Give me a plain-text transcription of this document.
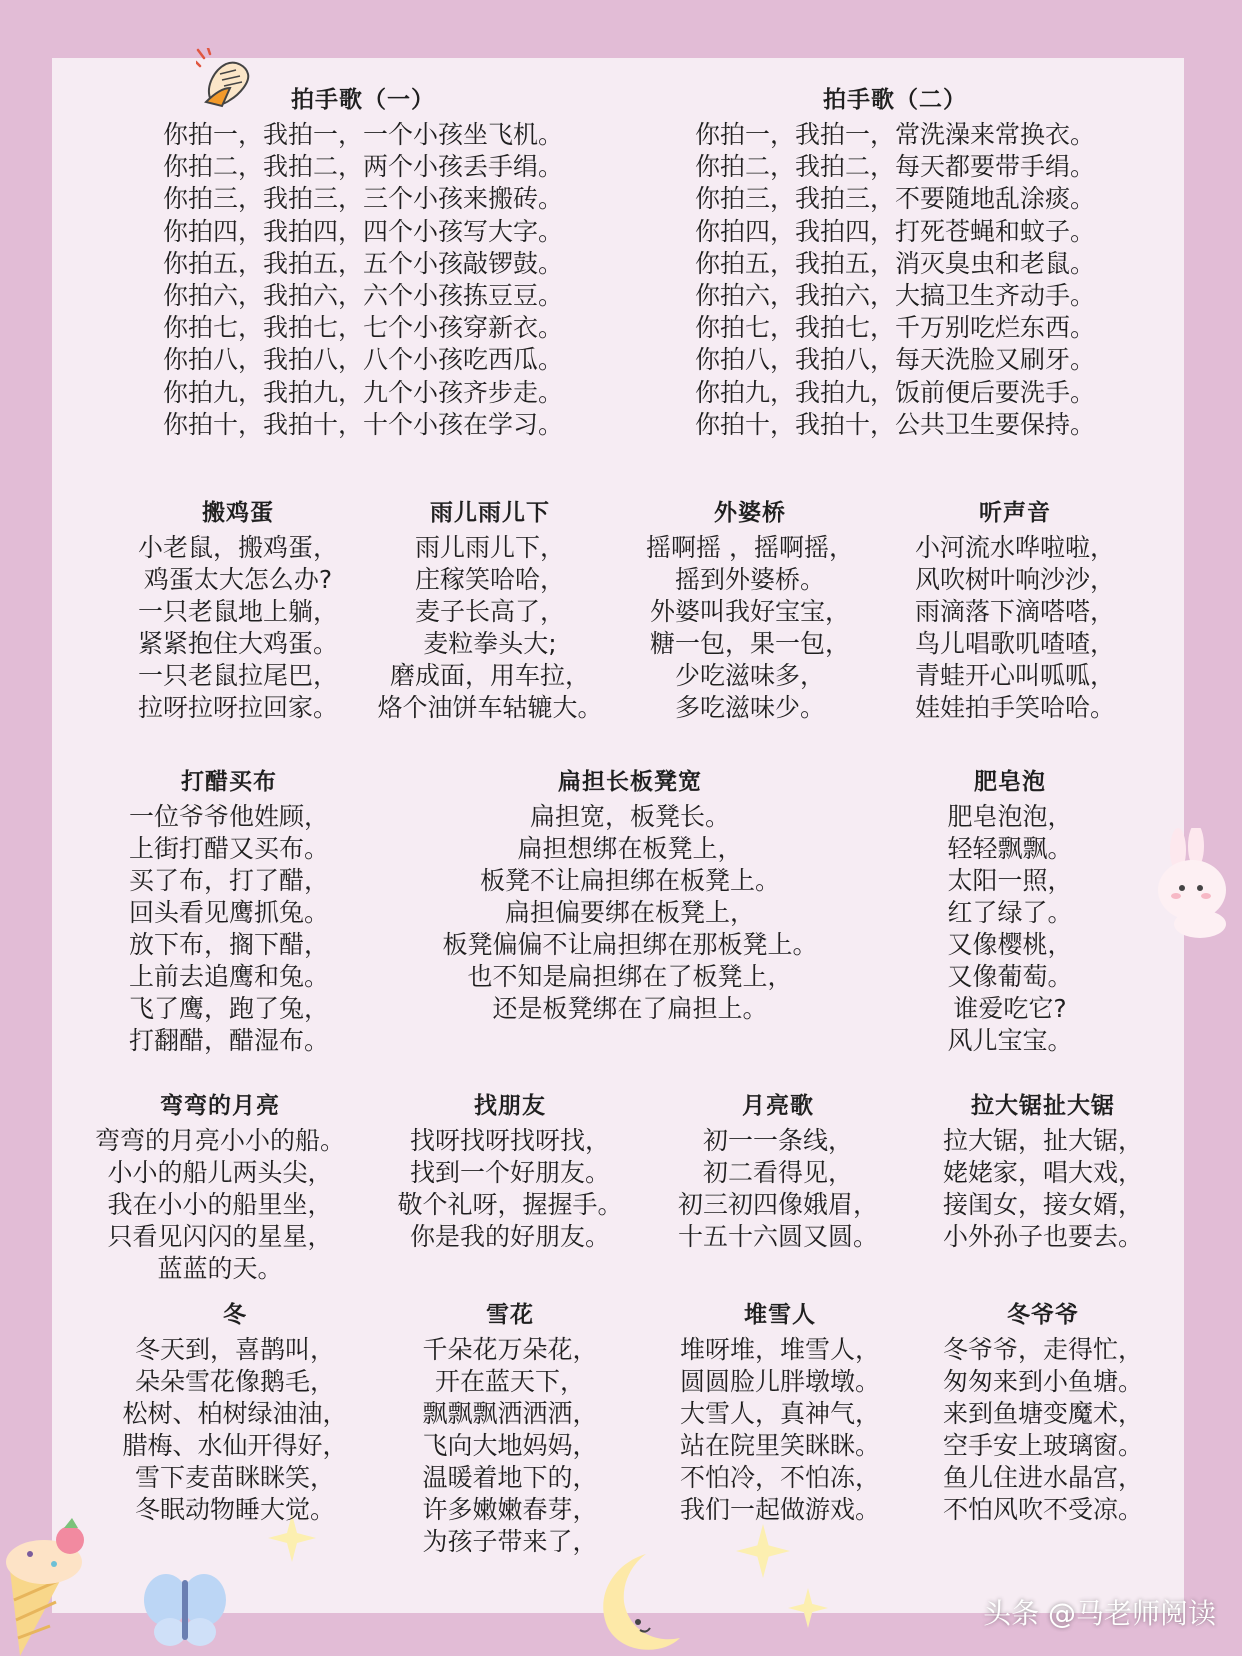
拍手歌（一）
你拍一，我拍一，一个小孩坐飞机。
你拍二，我拍二，两个小孩丢手绢。
你拍三，我拍三，三个小孩来搬砖。
你拍四，我拍四，四个小孩写大字。
你拍五，我拍五，五个小孩敲锣鼓。
你拍六，我拍六，六个小孩拣豆豆。
你拍七，我拍七，七个小孩穿新衣。
你拍八，我拍八，八个小孩吃西瓜。
你拍九，我拍九，九个小孩齐步走。
你拍十，我拍十，十个小孩在学习。
拍手歌（二）
你拍一，我拍一，常洗澡来常换衣。
你拍二，我拍二，每天都要带手绢。
你拍三，我拍三，不要随地乱涂痰。
你拍四，我拍四，打死苍蝇和蚊子。
你拍五，我拍五，消灭臭虫和老鼠。
你拍六，我拍六，大搞卫生齐动手。
你拍七，我拍七，千万别吃烂东西。
你拍八，我拍八，每天洗脸又刷牙。
你拍九，我拍九，饭前便后要洗手。
你拍十，我拍十，公共卫生要保持。
搬鸡蛋
小老鼠，搬鸡蛋，
鸡蛋太大怎么办?
一只老鼠地上躺，
紧紧抱住大鸡蛋。
一只老鼠拉尾巴，
拉呀拉呀拉回家。
雨儿雨儿下
雨儿雨儿下，
庄稼笑哈哈，
麦子长高了，
麦粒拳头大;
磨成面，用车拉，
烙个油饼车轱辘大。
外婆桥
摇啊摇 ，摇啊摇，
摇到外婆桥。
外婆叫我好宝宝，
糖一包，果一包，
少吃滋味多，
多吃滋味少。
听声音
小河流水哗啦啦，
风吹树叶响沙沙，
雨滴落下滴嗒嗒，
鸟儿唱歌叽喳喳，
青蛙开心叫呱呱，
娃娃拍手笑哈哈。
打醋买布
一位爷爷他姓顾，
上街打醋又买布。
买了布，打了醋，
回头看见鹰抓兔。
放下布，搁下醋，
上前去追鹰和兔。
飞了鹰，跑了兔，
打翻醋，醋湿布。
扁担长板凳宽
扁担宽，板凳长。
扁担想绑在板凳上，
板凳不让扁担绑在板凳上。
扁担偏要绑在板凳上，
板凳偏偏不让扁担绑在那板凳上。
也不知是扁担绑在了板凳上，
还是板凳绑在了扁担上。
肥皂泡
肥皂泡泡，
轻轻飘飘。
太阳一照，
红了绿了。
又像樱桃，
又像葡萄。
谁爱吃它?
风儿宝宝。
弯弯的月亮
弯弯的月亮小小的船。
小小的船儿两头尖，
我在小小的船里坐，
只看见闪闪的星星，
蓝蓝的天。
找朋友
找呀找呀找呀找，
找到一个好朋友。
敬个礼呀，握握手。
你是我的好朋友。
月亮歌
初一一条线，
初二看得见，
初三初四像娥眉，
十五十六圆又圆。
拉大锯扯大锯
拉大锯，扯大锯，
姥姥家，唱大戏，
接闺女，接女婿，
小外孙子也要去。
冬
冬天到，喜鹊叫，
朵朵雪花像鹅毛，
松树、柏树绿油油，
腊梅、水仙开得好，
雪下麦苗眯眯笑，
冬眠动物睡大觉。
雪花
千朵花万朵花，
开在蓝天下，
飘飘飘洒洒洒，
飞向大地妈妈，
温暖着地下的，
许多嫩嫩春芽，
为孩子带来了，
堆雪人
堆呀堆，堆雪人，
圆圆脸儿胖墩墩。
大雪人，真神气，
站在院里笑眯眯。
不怕冷，不怕冻，
我们一起做游戏。
冬爷爷
冬爷爷，走得忙，
匆匆来到小鱼塘。
来到鱼塘变魔术，
空手安上玻璃窗。
鱼儿住进水晶宫，
不怕风吹不受凉。
头条 @马老师阅读
